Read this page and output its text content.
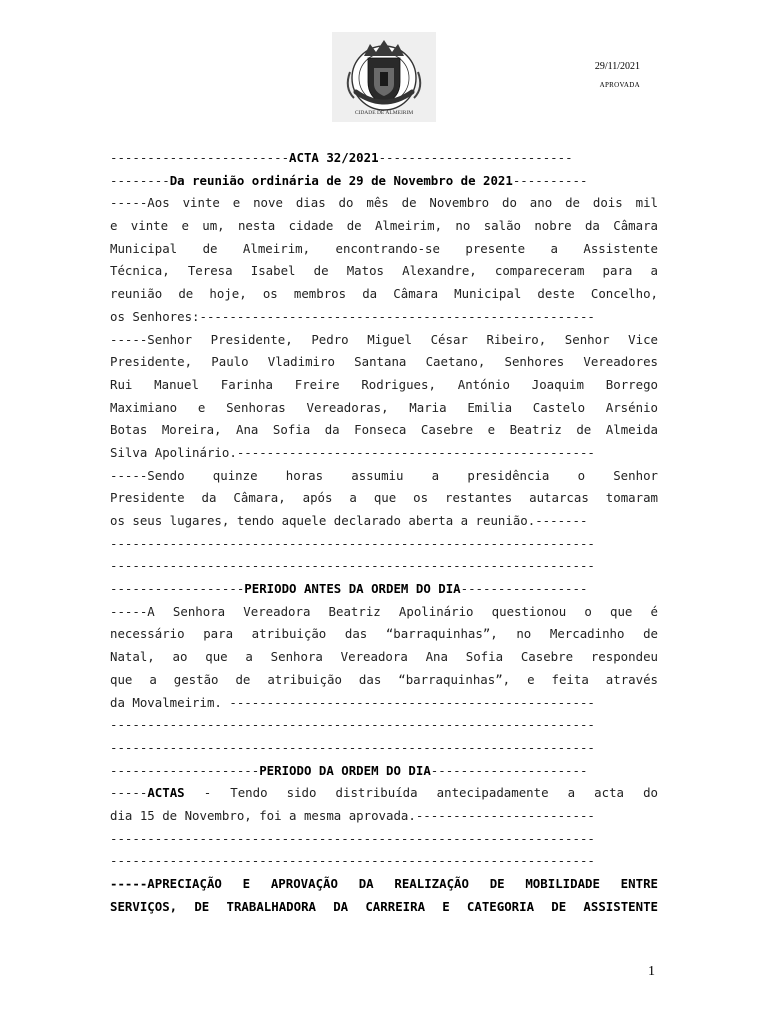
CIDADE DE ALMEIRIM
29/11/2021
APROVADA
------------------------ACTA 32/2021--------------------------
--------Da reunião ordinária de 29 de Novembro de 2021----------
-----Aos vinte e nove dias do mês de Novembro do ano de dois mil
e vinte e um, nesta cidade de Almeirim, no salão nobre da Câmara
Municipal de Almeirim, encontrando-se presente a Assistente
Técnica, Teresa Isabel de Matos Alexandre, compareceram para a
reunião de hoje, os membros da Câmara Municipal deste Concelho,
os Senhores:-----------------------------------------------------
-----Senhor Presidente, Pedro Miguel César Ribeiro, Senhor Vice
Presidente, Paulo Vladimiro Santana Caetano, Senhores Vereadores
Rui Manuel Farinha Freire Rodrigues, António Joaquim Borrego
Maximiano e Senhoras Vereadoras, Maria Emilia Castelo Arsénio
Botas Moreira, Ana Sofia da Fonseca Casebre e Beatriz de Almeida
Silva Apolinário.------------------------------------------------
-----Sendo quinze horas assumiu a presidência o Senhor
Presidente da Câmara, após a que os restantes autarcas tomaram
os seus lugares, tendo aquele declarado aberta a reunião.-------
-----------------------------------------------------------------
-----------------------------------------------------------------
------------------PERIODO ANTES DA ORDEM DO DIA-----------------
-----A Senhora Vereadora Beatriz Apolinário questionou o que é
necessário para atribuição das “barraquinhas”, no Mercadinho de
Natal, ao que a Senhora Vereadora Ana Sofia Casebre respondeu
que a gestão de atribuição das “barraquinhas”, e feita através
da Movalmeirim. -------------------------------------------------
-----------------------------------------------------------------
-----------------------------------------------------------------
--------------------PERIODO DA ORDEM DO DIA---------------------
-----ACTAS - Tendo sido distribuída antecipadamente a acta do
dia 15 de Novembro, foi a mesma aprovada.------------------------
-----------------------------------------------------------------
-----------------------------------------------------------------
-----APRECIAÇÃO E APROVAÇÃO DA REALIZAÇÃO DE MOBILIDADE ENTRE
SERVIÇOS, DE TRABALHADORA DA CARREIRA E CATEGORIA DE ASSISTENTE
1
